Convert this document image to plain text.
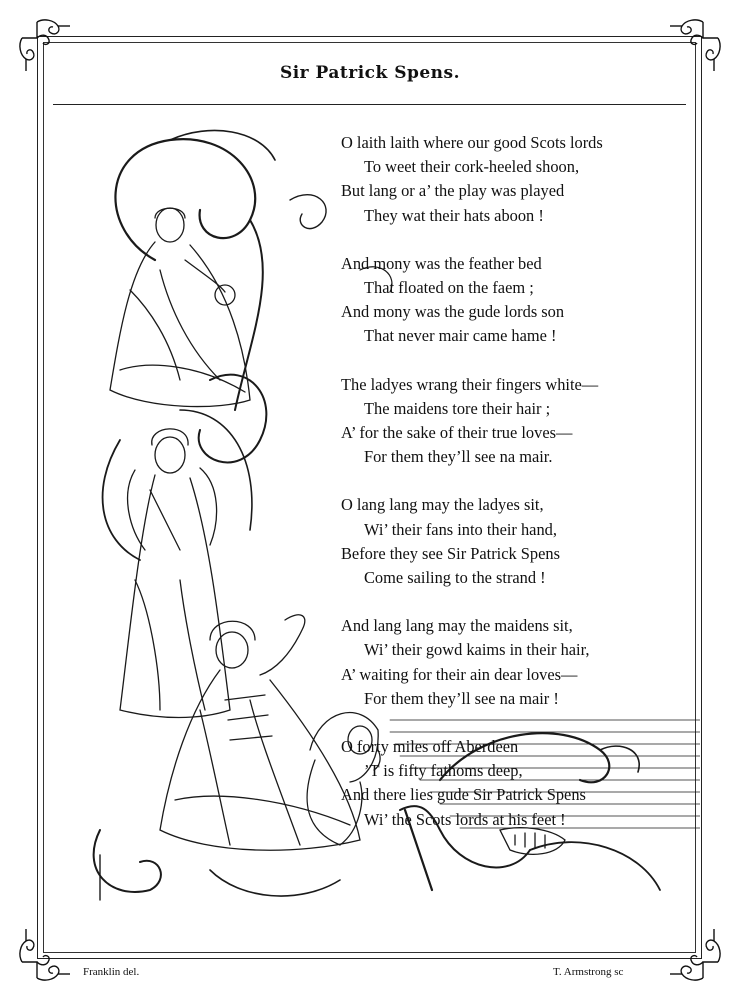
Sir Patrick Spens.
O laith laith where our good Scots lords
To weet their cork-heeled shoon,
But lang or a’ the play was played
They wat their hats aboon !
And mony was the feather bed
That floated on the faem ;
And mony was the gude lords son
That never mair came hame !
The ladyes wrang their fingers white—
The maidens tore their hair ;
A’ for the sake of their true loves—
For them they’ll see na mair.
O lang lang may the ladyes sit,
Wi’ their fans into their hand,
Before they see Sir Patrick Spens
Come sailing to the strand !
And lang lang may the maidens sit,
Wi’ their gowd kaims in their hair,
A’ waiting for their ain dear loves—
For them they’ll see na mair !
O forty miles off Aberdeen
’T is fifty fathoms deep,
And there lies gude Sir Patrick Spens
Wi’ the Scots lords at his feet !
Franklin del.	T. Armstrong sc
